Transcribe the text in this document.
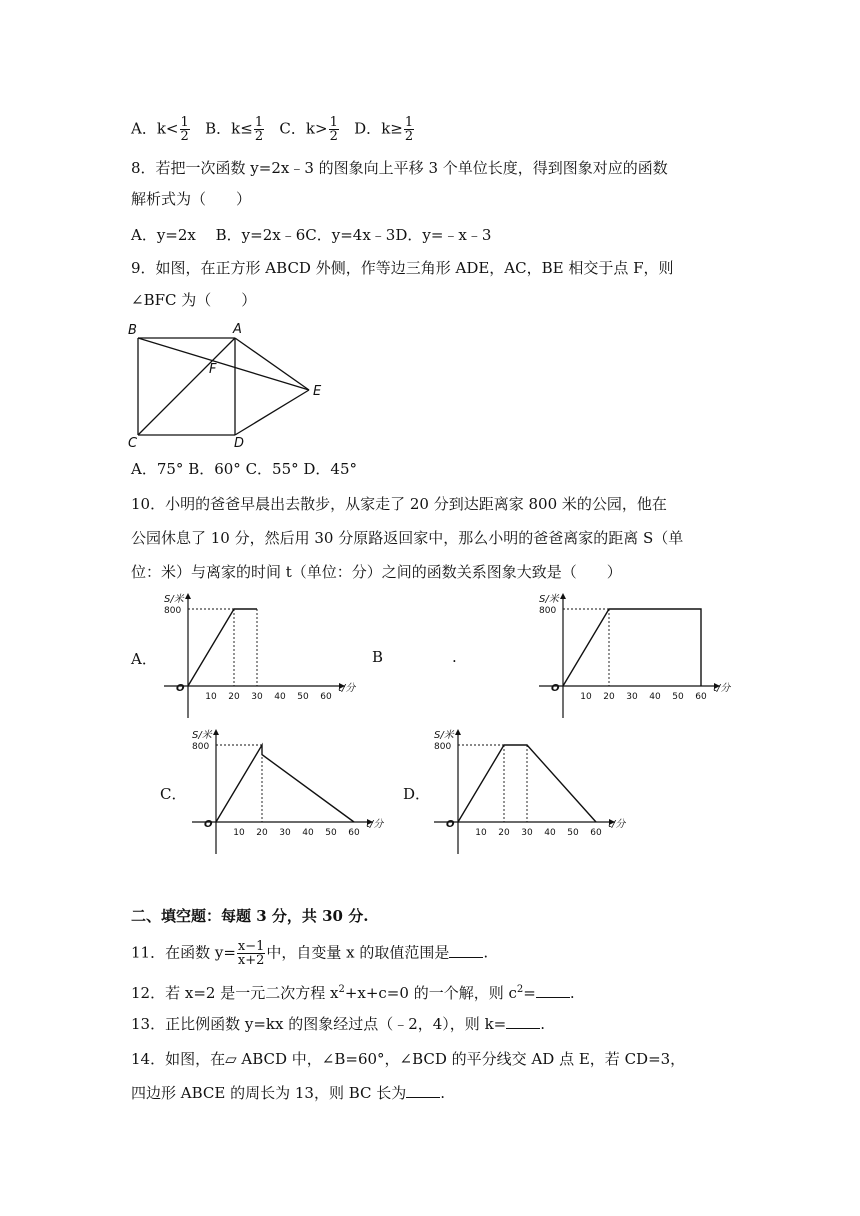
A．$k< \frac{1}{2}$ B．$k\le \frac{1}{2}$ C．$k> \frac{1}{2}$ D．$k\ge \frac{1}{2}$
8．若把一次函数 y=2x﹣3 的图象向上平移 3 个单位长度，得到图象对应的函数
解析式为（　　）
A．y=2x　 B．y=2x﹣6C．y=4x﹣3D．y=﹣x﹣3
9．如图，在正方形 ABCD 外侧，作等边三角形 ADE，AC，BE 相交于点 F，则
∠BFC 为（　　）
B	A
F
E
C	D
A．75° B．60° C．55° D．45°
10．小明的爸爸早晨出去散步，从家走了 20 分到达距离家 800 米的公园，他在
公园休息了 10 分，然后用 30 分原路返回家中，那么小明的爸爸离家的距离 S（单
位：米）与离家的时间 t（单位：分）之间的函数关系图象大致是（　　）
A．	B	.
C．	D．
S/米
t/分
O
800
10 20 30 40 50 60
S/米
t/分
O
800
10 20 30 40 50 60
S/米
t/分
O
800
10 20 30 40 50 60
S/米
t/分
O
800
10 20 30 40 50 60
二、填空题：每题 3 分，共 30 分.
11．在函数 $y= \frac{x-1}{x+2}$ 中，自变量 x 的取值范围是 .
12．若 x=2 是一元二次方程 $x^2+x+c=0$ 的一个解，则 $c^2=$ .
13．正比例函数 y=kx 的图象经过点（﹣2，4），则 k= .
14．如图，在▱ ABCD 中，∠B=60°，∠BCD 的平分线交 AD 点 E，若 CD=3，
四边形 ABCE 的周长为 13，则 BC 长为 .
